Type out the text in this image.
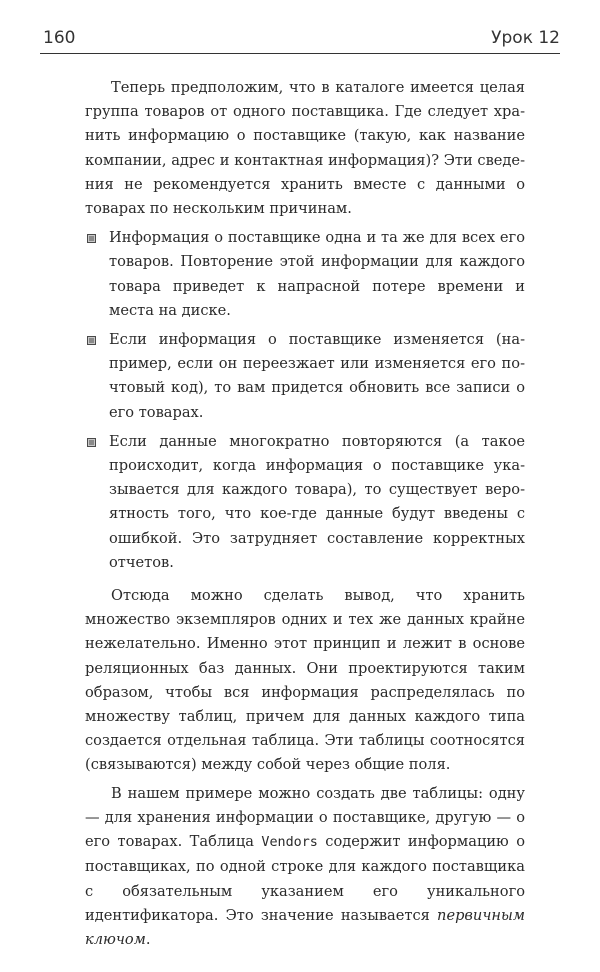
160	Урок 12

Теперь предположим, что в каталоге имеется целая группа товаров от одного поставщика. Где следует хранить информацию о поставщике (такую, как название компании, адрес и контактная информация)? Эти сведения не рекомендуется хранить вместе с данными о товарах по нескольким причинам.

Информация о поставщике одна и та же для всех его товаров. Повторение этой информации для каждого товара приведет к напрасной потере времени и места на диске.
Если информация о поставщике изменяется (например, если он переезжает или изменяется его почтовый код), то вам придется обновить все записи о его товарах.
Если данные многократно повторяются (а такое происходит, когда информация о поставщике указывается для каждого товара), то существует вероятность того, что кое-где данные будут введены с ошибкой. Это затрудняет составление корректных отчетов.

Отсюда можно сделать вывод, что хранить множество экземпляров одних и тех же данных крайне нежелательно. Именно этот принцип и лежит в основе реляционных баз данных. Они проектируются таким образом, чтобы вся информация распределялась по множеству таблиц, причем для данных каждого типа создается отдельная таблица. Эти таблицы соотносятся (связываются) между собой через общие поля.

В нашем примере можно создать две таблицы: одну — для хранения информации о поставщике, другую — о его товарах. Таблица Vendors содержит информацию о поставщиках, по одной строке для каждого поставщика с обязательным указанием его уникального идентификатора. Это значение называется первичным ключом.
